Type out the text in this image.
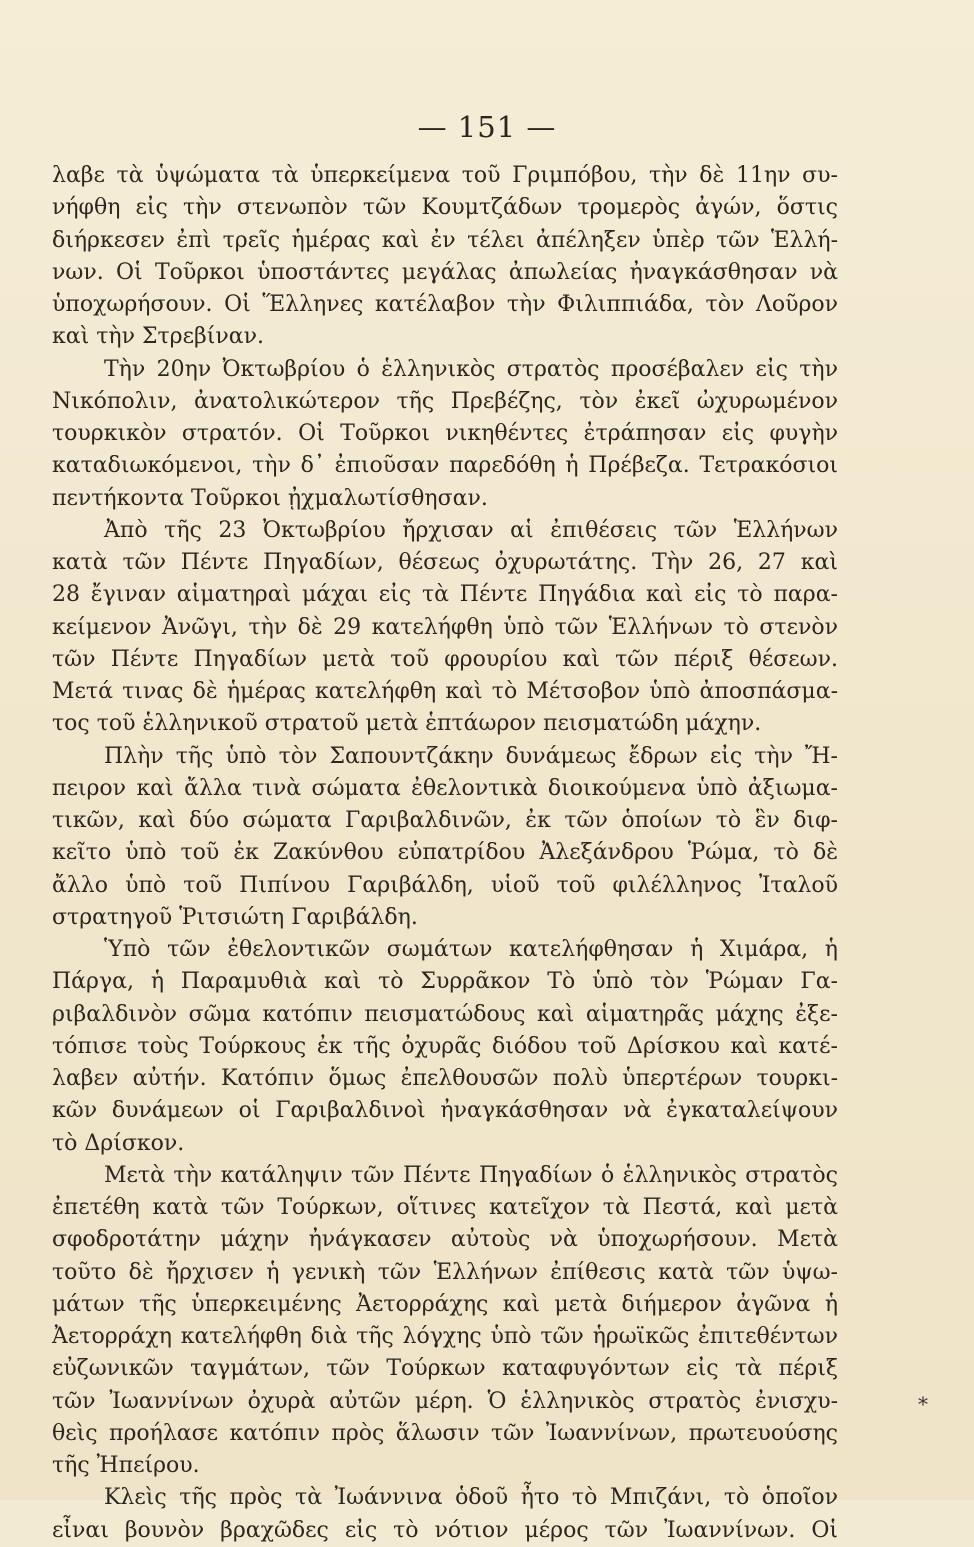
— 151 —
λαβε τὰ ὑψώματα τὰ ὑπερκείμενα τοῦ Γριμπόβου, τὴν δὲ 11ην συ-
νήφθη εἰς τὴν στενωπὸν τῶν Κουμτζάδων τρομερὸς ἀγών, ὅστις
διήρκεσεν ἐπὶ τρεῖς ἡμέρας καὶ ἐν τέλει ἀπέληξεν ὑπὲρ τῶν Ἑλλή-
νων. Οἱ Τοῦρκοι ὑποστάντες μεγάλας ἀπωλείας ἠναγκάσθησαν νὰ
ὑποχωρήσουν. Οἱ Ἕλληνες κατέλαβον τὴν Φιλιππιάδα, τὸν Λοῦρον
καὶ τὴν Στρεβίναν.
Τὴν 20ην Ὀκτωβρίου ὁ ἑλληνικὸς στρατὸς προσέβαλεν εἰς τὴν
Νικόπολιν, ἀνατολικώτερον τῆς Πρεβέζης, τὸν ἐκεῖ ὠχυρωμένον
τουρκικὸν στρατόν. Οἱ Τοῦρκοι νικηθέντες ἐτράπησαν εἰς φυγὴν
καταδιωκόμενοι, τὴν δ᾽ ἐπιοῦσαν παρεδόθη ἡ Πρέβεζα. Τετρακόσιοι
πεντήκοντα Τοῦρκοι ᾐχμαλωτίσθησαν.
Ἀπὸ τῆς 23 Ὀκτωβρίου ἤρχισαν αἱ ἐπιθέσεις τῶν Ἑλλήνων
κατὰ τῶν Πέντε Πηγαδίων, θέσεως ὀχυρωτάτης. Τὴν 26, 27 καὶ
28 ἔγιναν αἱματηραὶ μάχαι εἰς τὰ Πέντε Πηγάδια καὶ εἰς τὸ παρα-
κείμενον Ἀνῶγι, τὴν δὲ 29 κατελήφθη ὑπὸ τῶν Ἑλλήνων τὸ στενὸν
τῶν Πέντε Πηγαδίων μετὰ τοῦ φρουρίου καὶ τῶν πέριξ θέσεων.
Μετά τινας δὲ ἡμέρας κατελήφθη καὶ τὸ Μέτσοβον ὑπὸ ἀποσπάσμα-
τος τοῦ ἑλληνικοῦ στρατοῦ μετὰ ἑπτάωρον πεισματώδη μάχην.
Πλὴν τῆς ὑπὸ τὸν Σαπουντζάκην δυνάμεως ἔδρων εἰς τὴν Ἤ-
πειρον καὶ ἄλλα τινὰ σώματα ἐθελοντικὰ διοικούμενα ὑπὸ ἀξιωμα-
τικῶν, καὶ δύο σώματα Γαριβαλδινῶν, ἐκ τῶν ὁποίων τὸ ἓν διφ-
κεῖτο ὑπὸ τοῦ ἐκ Ζακύνθου εὐπατρίδου Ἀλεξάνδρου Ῥώμα, τὸ δὲ
ἄλλο ὑπὸ τοῦ Πιπίνου Γαριβάλδη, υἱοῦ τοῦ φιλέλληνος Ἰταλοῦ
στρατηγοῦ Ῥιτσιώτη Γαριβάλδη.
Ὑπὸ τῶν ἐθελοντικῶν σωμάτων κατελήφθησαν ἡ Χιμάρα, ἡ
Πάργα, ἡ Παραμυθιὰ καὶ τὸ Συρρᾶκον Τὸ ὑπὸ τὸν Ῥώμαν Γα-
ριβαλδινὸν σῶμα κατόπιν πεισματώδους καὶ αἱματηρᾶς μάχης ἐξε-
τόπισε τοὺς Τούρκους ἐκ τῆς ὀχυρᾶς διόδου τοῦ Δρίσκου καὶ κατέ-
λαβεν αὐτήν. Κατόπιν ὅμως ἐπελθουσῶν πολὺ ὑπερτέρων τουρκι-
κῶν δυνάμεων οἱ Γαριβαλδινοὶ ἠναγκάσθησαν νὰ ἐγκαταλείψουν
τὸ Δρίσκον.
Μετὰ τὴν κατάληψιν τῶν Πέντε Πηγαδίων ὁ ἑλληνικὸς στρατὸς
ἐπετέθη κατὰ τῶν Τούρκων, οἵτινες κατεῖχον τὰ Πεστά, καὶ μετὰ
σφοδροτάτην μάχην ἠνάγκασεν αὐτοὺς νὰ ὑποχωρήσουν. Μετὰ
τοῦτο δὲ ἤρχισεν ἡ γενικὴ τῶν Ἑλλήνων ἐπίθεσις κατὰ τῶν ὑψω-
μάτων τῆς ὑπερκειμένης Ἀετορράχης καὶ μετὰ διήμερον ἀγῶνα ἡ
Ἀετορράχη κατελήφθη διὰ τῆς λόγχης ὑπὸ τῶν ἡρωϊκῶς ἐπιτεθέντων
εὐζωνικῶν ταγμάτων, τῶν Τούρκων καταφυγόντων εἰς τὰ πέριξ
τῶν Ἰωαννίνων ὀχυρὰ αὐτῶν μέρη. Ὁ ἑλληνικὸς στρατὸς ἐνισχυ-
θεὶς προήλασε κατόπιν πρὸς ἅλωσιν τῶν Ἰωαννίνων, πρωτευούσης
τῆς Ἠπείρου.
Κλεὶς τῆς πρὸς τὰ Ἰωάννινα ὁδοῦ ἦτο τὸ Μπιζάνι, τὸ ὁποῖον
εἶναι βουνὸν βραχῶδες εἰς τὸ νότιον μέρος τῶν Ἰωαννίνων. Οἱ
*
